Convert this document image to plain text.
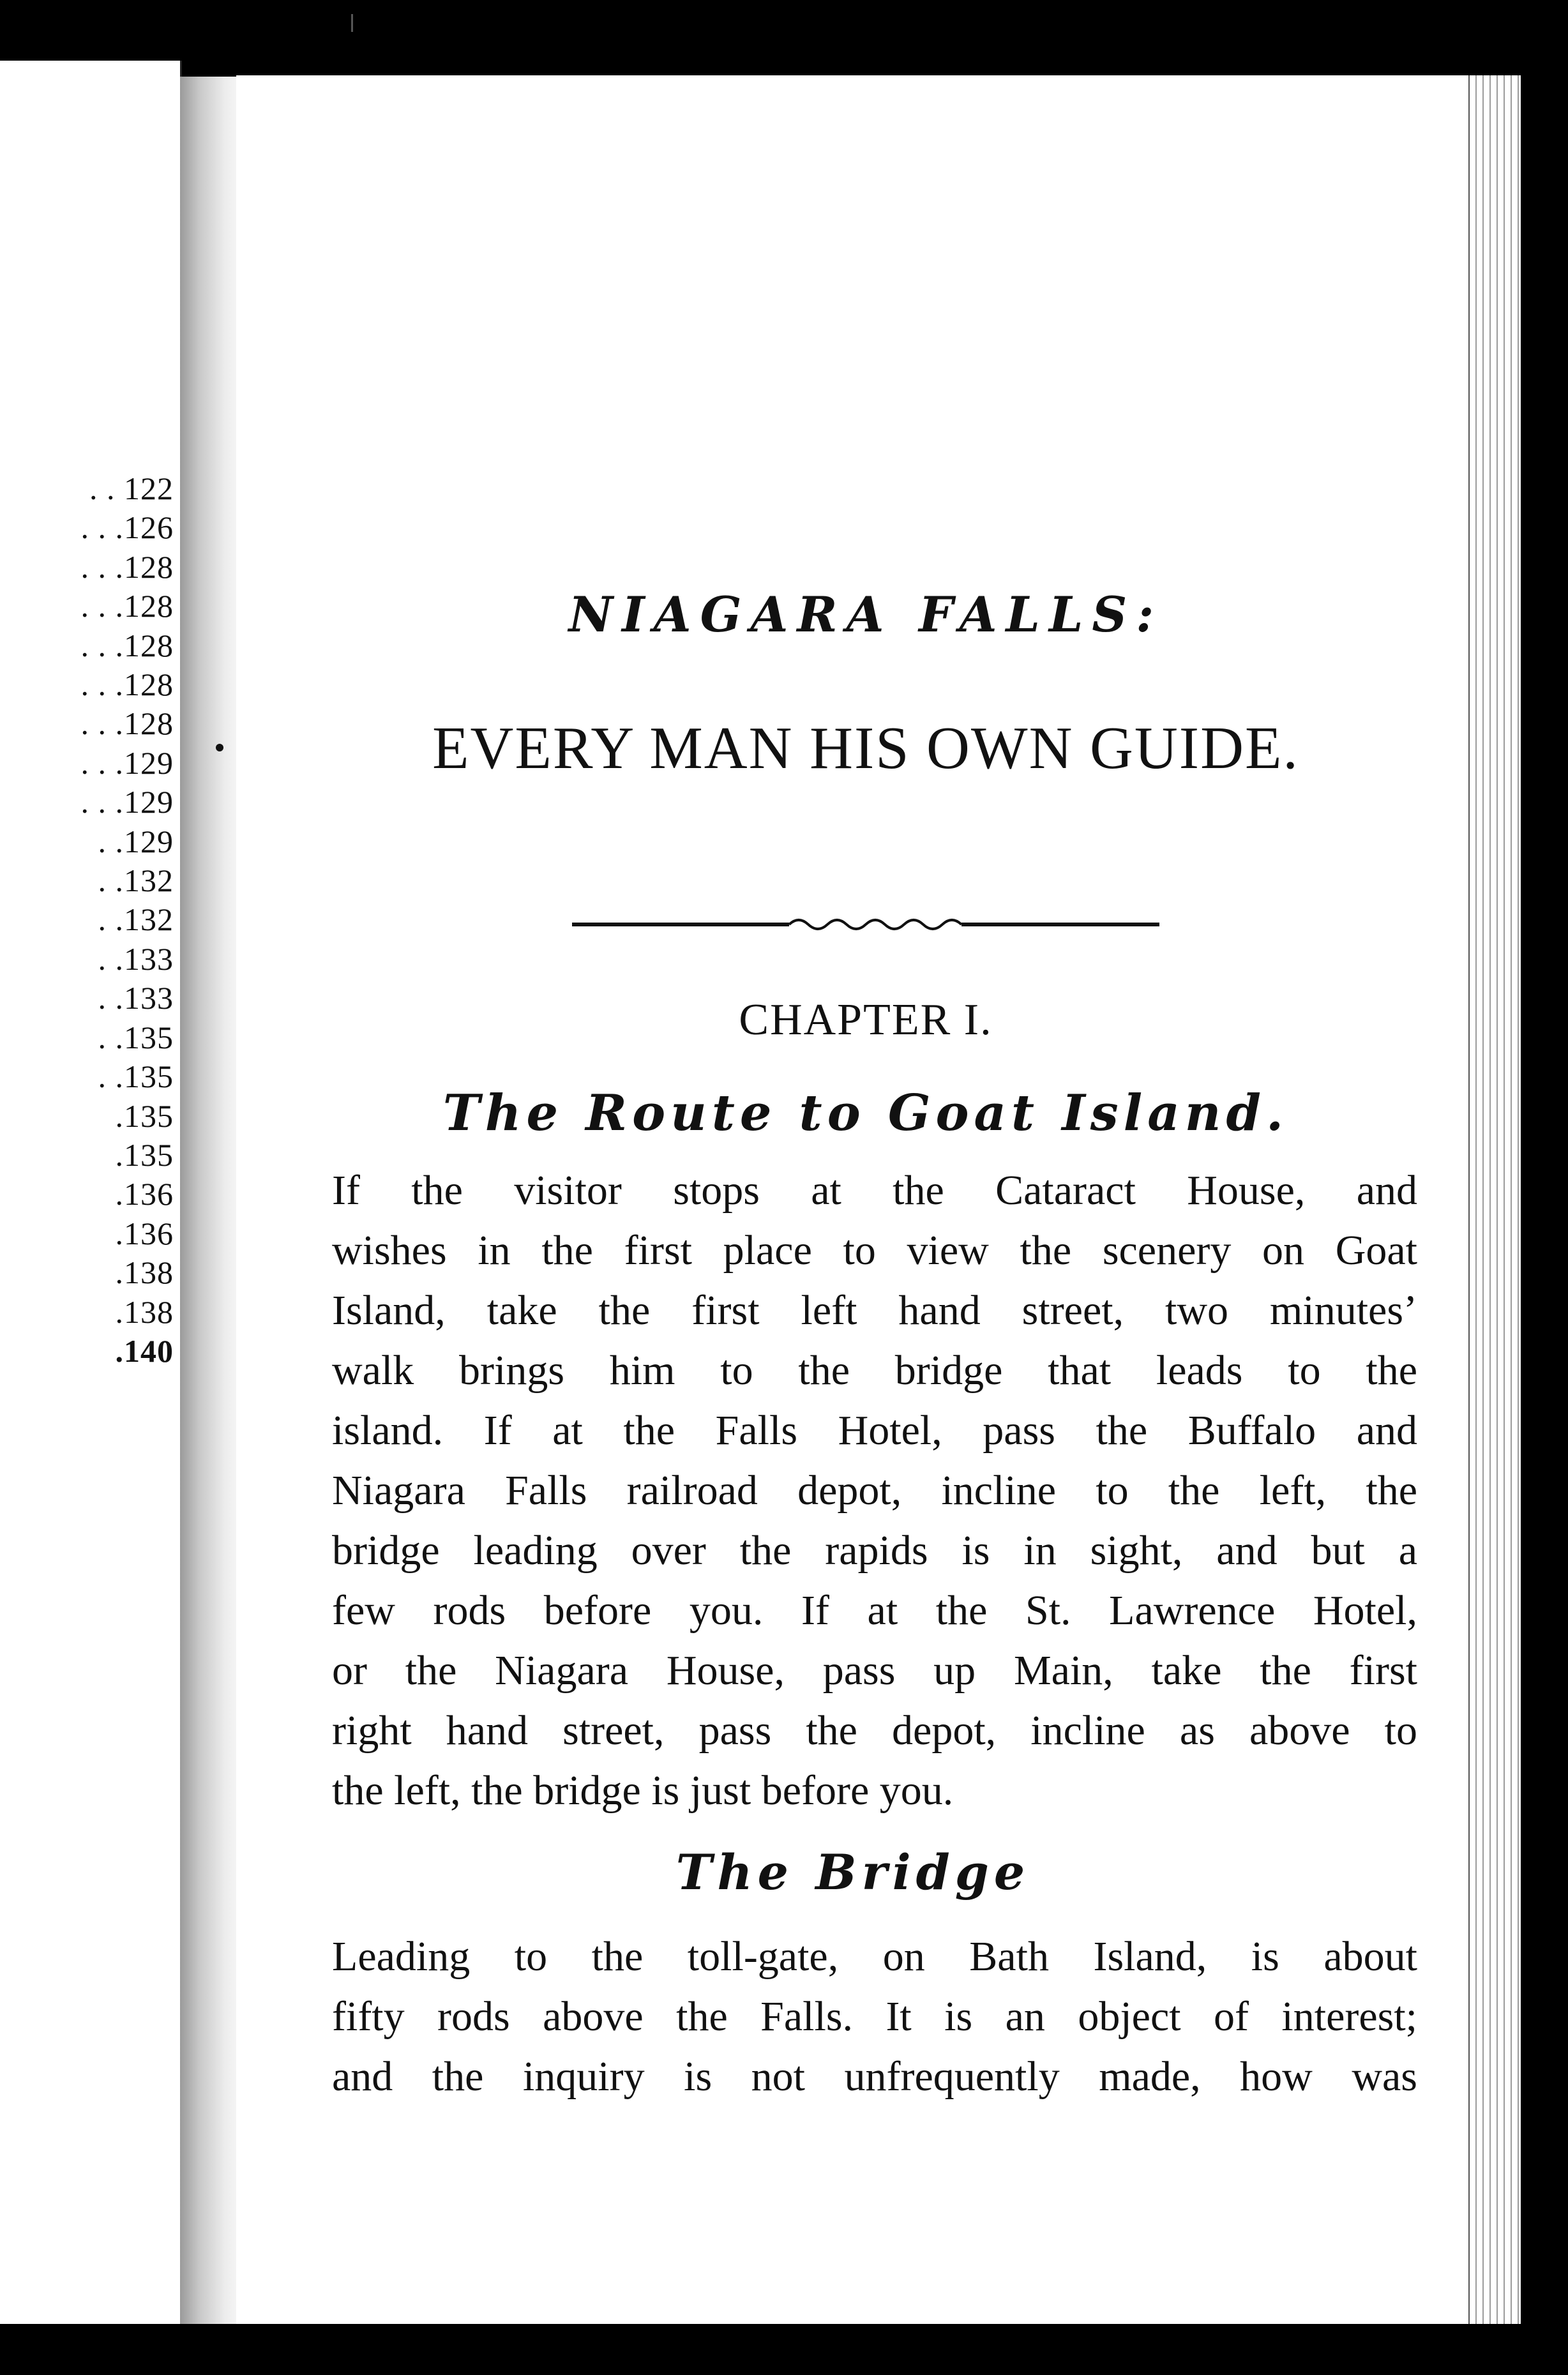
. . 122
. . .126
. . .128
. . .128
. . .128
. . .128
. . .128
. . .129
. . .129
. .129
. .132
. .132
. .133
. .133
. .135
. .135
.135
.135
.136
.136
.138
.138
.140
NIAGARA FALLS:
EVERY MAN HIS OWN GUIDE.
CHAPTER I.
The Route to Goat Island.
If the visitor stops at the Cataract House, and
wishes in the first place to view the scenery on Goat
Island, take the first left hand street, two minutes’
walk brings him to the bridge that leads to the
island. If at the Falls Hotel, pass the Buffalo and
Niagara Falls railroad depot, incline to the left, the
bridge leading over the rapids is in sight, and but a
few rods before you. If at the St. Lawrence Hotel,
or the Niagara House, pass up Main, take the first
right hand street, pass the depot, incline as above to
the left, the bridge is just before you.
The Bridge
Leading to the toll-gate, on Bath Island, is about
fifty rods above the Falls. It is an object of interest;
and the inquiry is not unfrequently made, how was
